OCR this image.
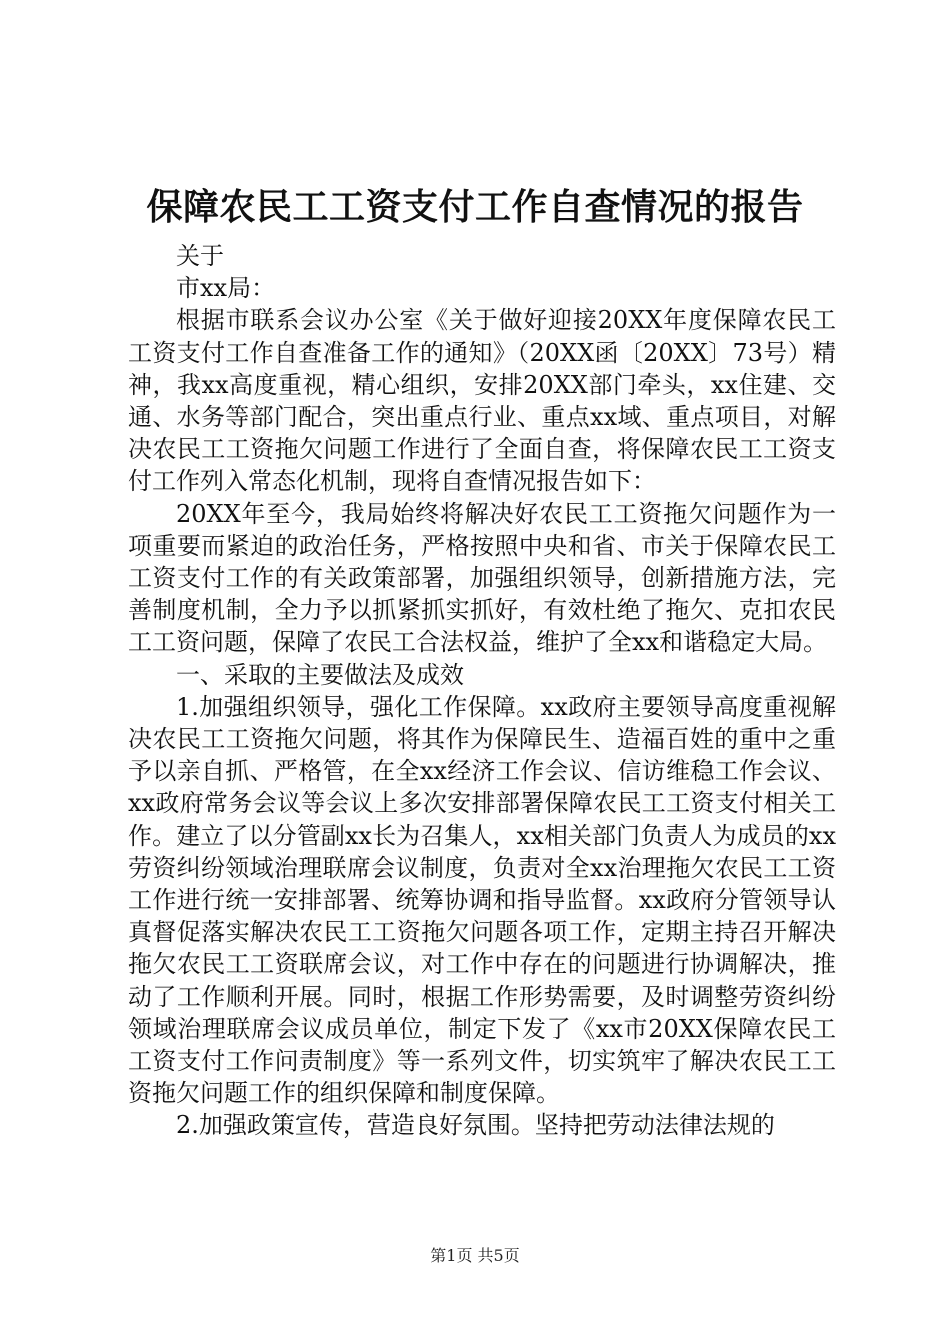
保障农民工工资支付工作自查情况的报告

关于

市xx局：

根据市联系会议办公室《关于做好迎接20XX年度保障农民工工资支付工作自查准备工作的通知》（20XX函〔20XX〕73号）精神，我xx高度重视，精心组织，安排20XX部门牵头，xx住建、交通、水务等部门配合，突出重点行业、重点xx域、重点项目，对解决农民工工资拖欠问题工作进行了全面自查，将保障农民工工资支付工作列入常态化机制，现将自查情况报告如下：

20XX年至今，我局始终将解决好农民工工资拖欠问题作为一项重要而紧迫的政治任务，严格按照中央和省、市关于保障农民工工资支付工作的有关政策部署，加强组织领导，创新措施方法，完善制度机制，全力予以抓紧抓实抓好，有效杜绝了拖欠、克扣农民工工资问题，保障了农民工合法权益，维护了全xx和谐稳定大局。

一、采取的主要做法及成效

1.加强组织领导，强化工作保障。xx政府主要领导高度重视解决农民工工资拖欠问题，将其作为保障民生、造福百姓的重中之重予以亲自抓、严格管，在全xx经济工作会议、信访维稳工作会议、xx政府常务会议等会议上多次安排部署保障农民工工资支付相关工作。建立了以分管副xx长为召集人，xx相关部门负责人为成员的xx劳资纠纷领域治理联席会议制度，负责对全xx治理拖欠农民工工资工作进行统一安排部署、统筹协调和指导监督。xx政府分管领导认真督促落实解决农民工工资拖欠问题各项工作，定期主持召开解决拖欠农民工工资联席会议，对工作中存在的问题进行协调解决，推动了工作顺利开展。同时，根据工作形势需要，及时调整劳资纠纷领域治理联席会议成员单位，制定下发了《xx市20XX保障农民工工资支付工作问责制度》等一系列文件，切实筑牢了解决农民工工资拖欠问题工作的组织保障和制度保障。

2.加强政策宣传，营造良好氛围。坚持把劳动法律法规的

第1页 共5页
